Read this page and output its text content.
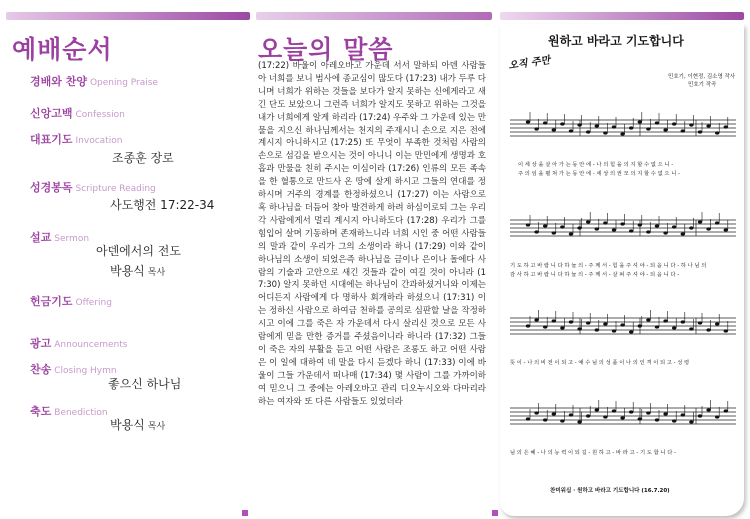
예배순서
경배와 찬양 Opening Praise
신앙고백 Confession
대표기도 Invocation
조종훈 장로
성경봉독 Scripture Reading
사도행전 17:22-34
설교 Sermon
아덴에서의 전도
박용식 목사
헌금기도 Offering
광고 Announcements
찬송 Closing Hymn
좋으신 하나님
축도 Benediction
박용식 목사
오늘의 말씀
(17:22) 바울이 아레오바고 가운데 서서 말하되 아덴 사람들아 너희를 보니 범사에 종교심이 많도다 (17:23) 내가 두루 다니며 너희가 위하는 것들을 보다가 알지 못하는 신에게라고 새긴 단도 보았으니 그런즉 너희가 알지도 못하고 위하는 그것을 내가 너희에게 알게 하리라 (17:24) 우주와 그 가운데 있는 만물을 지으신 하나님께서는 천지의 주재시니 손으로 지은 전에 계시지 아니하시고 (17:25) 또 무엇이 부족한 것처럼 사람의 손으로 섬김을 받으시는 것이 아니니 이는 만민에게 생명과 호흡과 만물을 친히 주시는 이심이라 (17:26) 인류의 모든 족속을 한 혈통으로 만드사 온 땅에 살게 하시고 그들의 연대를 정하시며 거주의 경계를 한정하셨으니 (17:27) 이는 사람으로 혹 하나님을 더듬어 찾아 발견하게 하려 하심이로되 그는 우리 각 사람에게서 멀리 계시지 아니하도다 (17:28) 우리가 그를 힘입어 살며 기동하며 존재하느니라 너희 시인 중 어떤 사람들의 말과 같이 우리가 그의 소생이라 하니 (17:29) 이와 같이 하나님의 소생이 되었은즉 하나님을 금이나 은이나 돌에다 사람의 기술과 고안으로 새긴 것들과 같이 여길 것이 아니라 (17:30) 알지 못하던 시대에는 하나님이 간과하셨거니와 이제는 어디든지 사람에게 다 명하사 회개하라 하셨으니 (17:31) 이는 정하신 사람으로 하여금 천하를 공의로 심판할 날을 작정하시고 이에 그를 죽은 자 가운데서 다시 살리신 것으로 모든 사람에게 믿을 만한 증거를 주셨음이니라 하니라 (17:32) 그들이 죽은 자의 부활을 듣고 어떤 사람은 조롱도 하고 어떤 사람은 이 일에 대하여 네 말을 다시 듣겠다 하니 (17:33) 이에 바울이 그들 가운데서 떠나매 (17:34) 몇 사람이 그를 가까이하여 믿으니 그 중에는 아레오바고 관리 디오누시오와 다마리라 하는 여자와 또 다른 사람들도 있었더라
원하고 바라고 기도합니다
오직 주만
민호기, 이현정, 김소영 작사
민호기 작곡
이 세 상 을 살 아 가 는 동 안 에 - 나 의 힘 을 의 지 할 수 없 으 니 -
주 의 임 을 펼 쳐 가 는 동 안 에 - 세 상 의 권 모 의 지 할 수 없 으 니 -
기 도 하 고 바 랍 니 다 하 늘 의 - 주 께 서 - 힘 을 주 셔 야 - 되 옵 니 다 - 하 나 님 의
감 사 하 고 바 랍 니 다 하 늘 의 - 주 께 서 - 살 펴 주 셔 야 - 되 옵 니 다 -
뜻 이 - 나 의 비 전 이 되 고 - 예 수 님 의 성 품 이 나 의 인 격 이 되 고 - 성 령
님 의 은 혜 - 나 의 능 력 이 되 길 - 원 하 고 - 바 라 고 - 기 도 합 니 다 -
찬미워십 · 원하고 바라고 기도합니다 (16.7.20)
